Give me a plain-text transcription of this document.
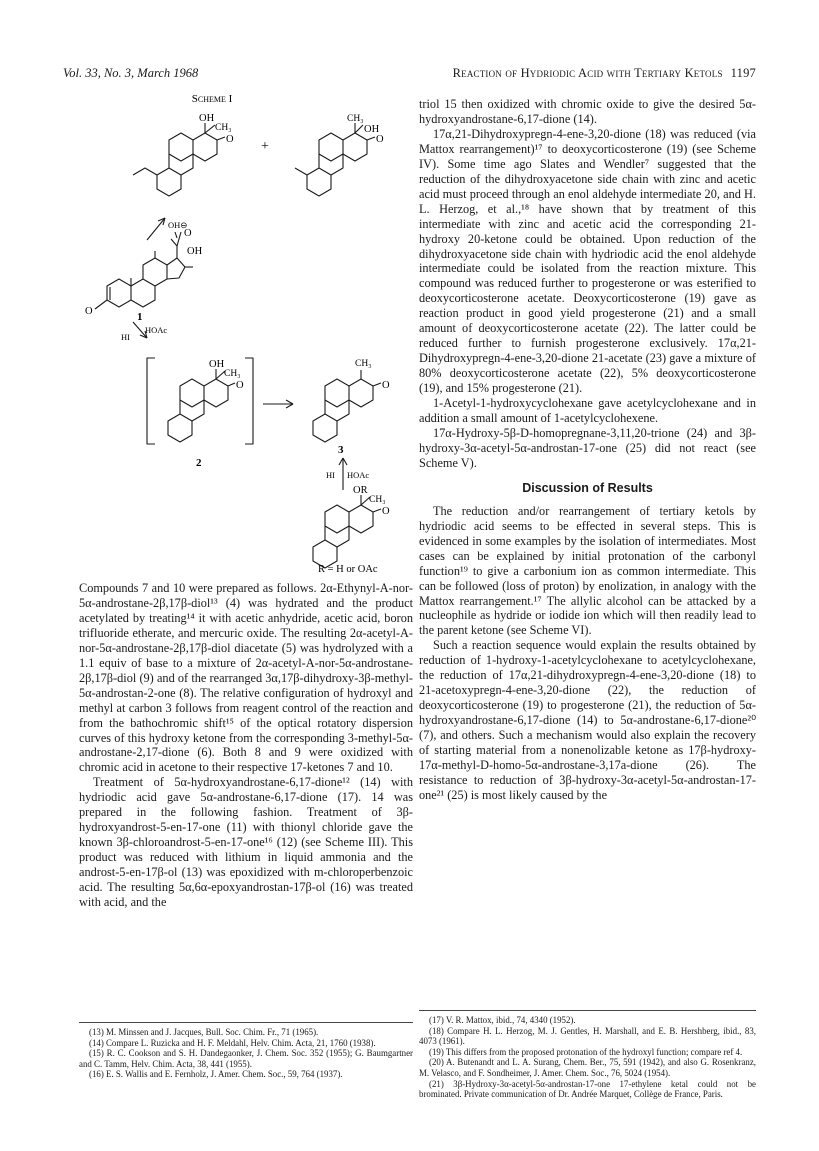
Vol. 33, No. 3, March 1968	Reaction of Hydriodic Acid with Tertiary Ketols 1197
Scheme I
OH
CH₃
O +
CH₃
OH
O
OH⊖
O
OH
O	1
HOAc
HI
OH
CH₃
O
2
CH₃
O
3
HI HOAc
OR
CH₃
O
R = H or OAc

Compounds 7 and 10 were prepared as follows. 2α-Ethynyl-A-nor-5α-androstane-2β,17β-diol¹³ (4) was hydrated and the product acetylated by treating¹⁴ it with acetic anhydride, acetic acid, boron trifluoride etherate, and mercuric oxide. The resulting 2α-acetyl-A-nor-5α-androstane-2β,17β-diol diacetate (5) was hydrolyzed with a 1.1 equiv of base to a mixture of 2α-acetyl-A-nor-5α-androstane-2β,17β-diol (9) and of the rearranged 3α,17β-dihydroxy-3β-methyl-5α-androstan-2-one (8). The relative configuration of hydroxyl and methyl at carbon 3 follows from reagent control of the reaction and from the bathochromic shift¹⁵ of the optical rotatory dispersion curves of this hydroxy ketone from the corresponding 3-methyl-5α-androstane-2,17-dione (6). Both 8 and 9 were oxidized with chromic acid in acetone to their respective 17-ketones 7 and 10.

Treatment of 5α-hydroxyandrostane-6,17-dione¹² (14) with hydriodic acid gave 5α-androstane-6,17-dione (17). 14 was prepared in the following fashion. Treatment of 3β-hydroxyandrost-5-en-17-one (11) with thionyl chloride gave the known 3β-chloroandrost-5-en-17-one¹⁶ (12) (see Scheme III). This product was reduced with lithium in liquid ammonia and the androst-5-en-17β-ol (13) was epoxidized with m-chloroperbenzoic acid. The resulting 5α,6α-epoxyandrostan-17β-ol (16) was treated with acid, and the

(13) M. Minssen and J. Jacques, Bull. Soc. Chim. Fr., 71 (1965).

(14) Compare L. Ruzicka and H. F. Meldahl, Helv. Chim. Acta, 21, 1760 (1938).

(15) R. C. Cookson and S. H. Dandegaonker, J. Chem. Soc. 352 (1955); G. Baumgartner and C. Tamm, Helv. Chim. Acta, 38, 441 (1955).

(16) E. S. Wallis and E. Fernholz, J. Amer. Chem. Soc., 59, 764 (1937).

triol 15 then oxidized with chromic oxide to give the desired 5α-hydroxyandrostane-6,17-dione (14).

17α,21-Dihydroxypregn-4-ene-3,20-dione (18) was reduced (via Mattox rearrangement)¹⁷ to deoxycorticosterone (19) (see Scheme IV). Some time ago Slates and Wendler⁷ suggested that the reduction of the dihydroxyacetone side chain with zinc and acetic acid must proceed through an enol aldehyde intermediate 20, and H. L. Herzog, et al.,¹⁸ have shown that by treatment of this intermediate with zinc and acetic acid the corresponding 21-hydroxy 20-ketone could be obtained. Upon reduction of the dihydroxyacetone side chain with hydriodic acid the enol aldehyde intermediate could be isolated from the reaction mixture. This compound was reduced further to progesterone or was esterified to deoxycorticosterone acetate. Deoxycorticosterone (19) gave as reaction product in good yield progesterone (21) and a small amount of deoxycorticosterone acetate (22). The latter could be reduced further to furnish progesterone exclusively. 17α,21-Dihydroxypregn-4-ene-3,20-dione 21-acetate (23) gave a mixture of 80% deoxycorticosterone acetate (22), 5% deoxycorticosterone (19), and 15% progesterone (21).

1-Acetyl-1-hydroxycyclohexane gave acetylcyclohexane and in addition a small amount of 1-acetylcyclohexene.

17α-Hydroxy-5β-D-homopregnane-3,11,20-trione (24) and 3β-hydroxy-3α-acetyl-5α-androstan-17-one (25) did not react (see Scheme V).

Discussion of Results

The reduction and/or rearrangement of tertiary ketols by hydriodic acid seems to be effected in several steps. This is evidenced in some examples by the isolation of intermediates. Most cases can be explained by initial protonation of the carbonyl function¹⁹ to give a carbonium ion as common intermediate. This can be followed (loss of proton) by enolization, in analogy with the Mattox rearrangement.¹⁷ The allylic alcohol can be attacked by a nucleophile as hydride or iodide ion which will then readily lead to the parent ketone (see Scheme VI).

Such a reaction sequence would explain the results obtained by reduction of 1-hydroxy-1-acetylcyclohexane to acetylcyclohexane, the reduction of 17α,21-dihydroxypregn-4-ene-3,20-dione (18) to 21-acetoxypregn-4-ene-3,20-dione (22), the reduction of deoxycorticosterone (19) to progesterone (21), the reduction of 5α-hydroxyandrostane-6,17-dione (14) to 5α-androstane-6,17-dione²⁰ (7), and others. Such a mechanism would also explain the recovery of starting material from a nonenolizable ketone as 17β-hydroxy-17α-methyl-D-homo-5α-androstane-3,17a-dione (26). The resistance to reduction of 3β-hydroxy-3α-acetyl-5α-androstan-17-one²¹ (25) is most likely caused by the

(17) V. R. Mattox, ibid., 74, 4340 (1952).

(18) Compare H. L. Herzog, M. J. Gentles, H. Marshall, and E. B. Hershberg, ibid., 83, 4073 (1961).

(19) This differs from the proposed protonation of the hydroxyl function; compare ref 4.

(20) A. Butenandt and L. A. Surang, Chem. Ber., 75, 591 (1942), and also G. Rosenkranz, M. Velasco, and F. Sondheimer, J. Amer. Chem. Soc., 76, 5024 (1954).

(21) 3β-Hydroxy-3α-acetyl-5α-androstan-17-one 17-ethylene ketal could not be brominated. Private communication of Dr. Andrée Marquet, Collège de France, Paris.
